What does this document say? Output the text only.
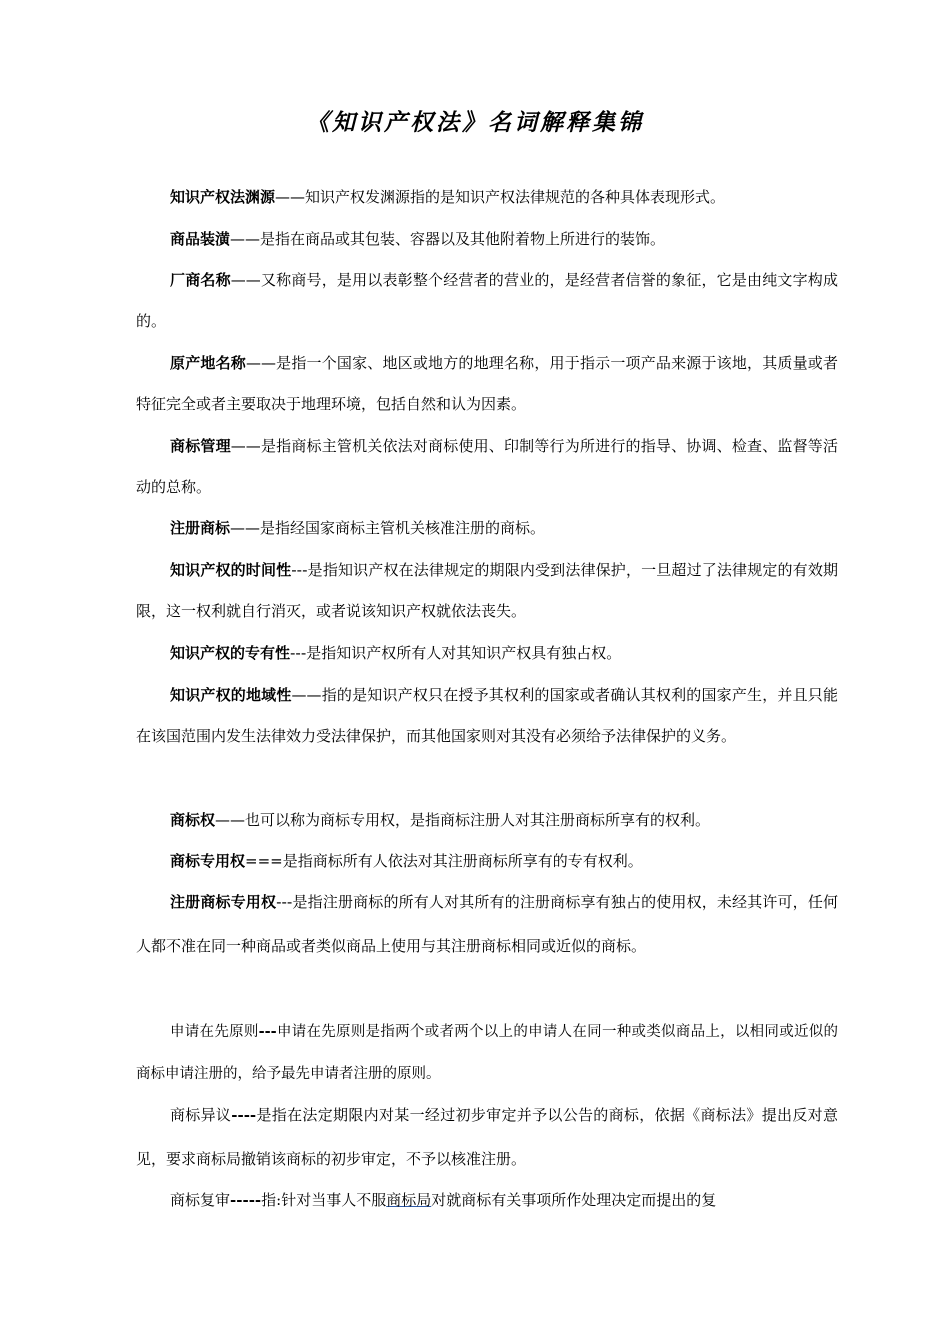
《知识产权法》名词解释集锦

知识产权法渊源——知识产权发渊源指的是知识产权法律规范的各种具体表现形式。

商品装潢——是指在商品或其包装、容器以及其他附着物上所进行的装饰。

厂商名称——又称商号，是用以表彰整个经营者的营业的，是经营者信誉的象征，它是由纯文字构成的。

原产地名称——是指一个国家、地区或地方的地理名称，用于指示一项产品来源于该地，其质量或者特征完全或者主要取决于地理环境，包括自然和认为因素。

商标管理——是指商标主管机关依法对商标使用、印制等行为所进行的指导、协调、检查、监督等活动的总称。

注册商标——是指经国家商标主管机关核准注册的商标。

知识产权的时间性---是指知识产权在法律规定的期限内受到法律保护，一旦超过了法律规定的有效期限，这一权利就自行消灭，或者说该知识产权就依法丧失。

知识产权的专有性---是指知识产权所有人对其知识产权具有独占权。

知识产权的地域性——指的是知识产权只在授予其权利的国家或者确认其权利的国家产生，并且只能在该国范围内发生法律效力受法律保护，而其他国家则对其没有必须给予法律保护的义务。

商标权——也可以称为商标专用权，是指商标注册人对其注册商标所享有的权利。

商标专用权===是指商标所有人依法对其注册商标所享有的专有权利。

注册商标专用权---是指注册商标的所有人对其所有的注册商标享有独占的使用权，未经其许可，任何人都不准在同一种商品或者类似商品上使用与其注册商标相同或近似的商标。

申请在先原则---申请在先原则是指两个或者两个以上的申请人在同一种或类似商品上，以相同或近似的商标申请注册的，给予最先申请者注册的原则。

商标异议----是指在法定期限内对某一经过初步审定并予以公告的商标，依据《商标法》提出反对意见，要求商标局撤销该商标的初步审定，不予以核准注册。

商标复审-----指:针对当事人不服商标局对就商标有关事项所作处理决定而提出的复
